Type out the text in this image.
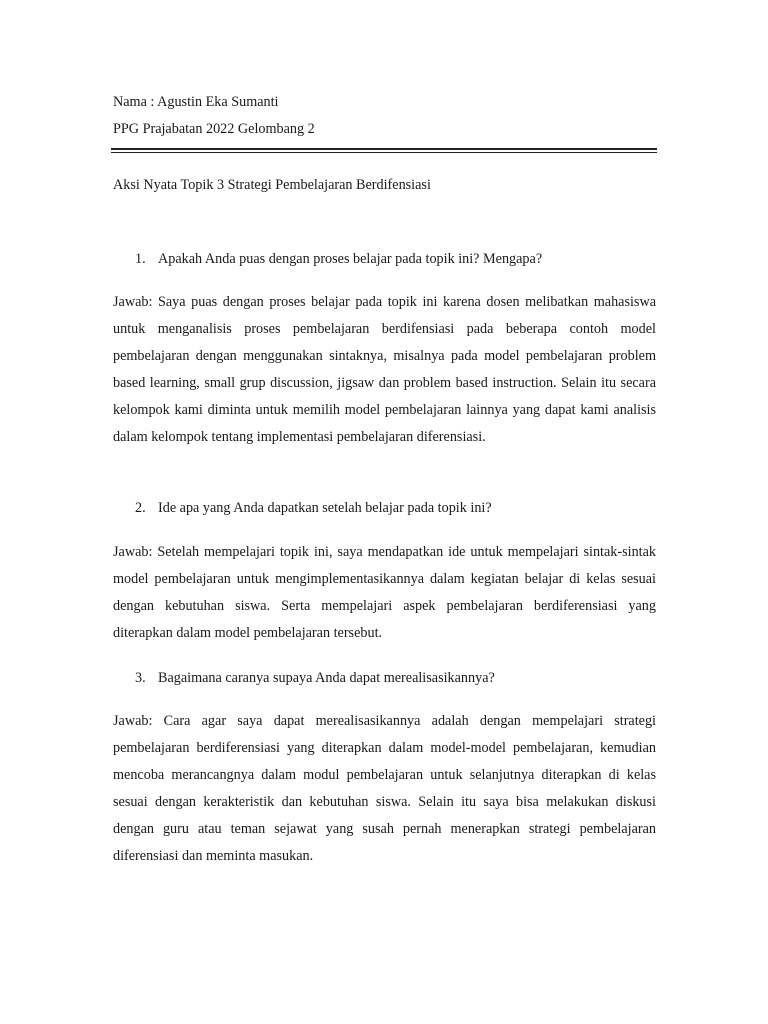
Nama : Agustin Eka Sumanti
PPG Prajabatan 2022 Gelombang 2
Aksi Nyata Topik 3 Strategi Pembelajaran Berdifensiasi
1. Apakah Anda puas dengan proses belajar pada topik ini? Mengapa?

Jawab: Saya puas dengan proses belajar pada topik ini karena dosen melibatkan mahasiswa untuk menganalisis proses pembelajaran berdifensiasi pada beberapa contoh model pembelajaran dengan menggunakan sintaknya, misalnya pada model pembelajaran problem based learning, small grup discussion, jigsaw dan problem based instruction. Selain itu secara kelompok kami diminta untuk memilih model pembelajaran lainnya yang dapat kami analisis dalam kelompok tentang implementasi pembelajaran diferensiasi.

2. Ide apa yang Anda dapatkan setelah belajar pada topik ini?

Jawab: Setelah mempelajari topik ini, saya mendapatkan ide untuk mempelajari sintak-sintak model pembelajaran untuk mengimplementasikannya dalam kegiatan belajar di kelas sesuai dengan kebutuhan siswa. Serta mempelajari aspek pembelajaran berdiferensiasi yang diterapkan dalam model pembelajaran tersebut.

3. Bagaimana caranya supaya Anda dapat merealisasikannya?

Jawab: Cara agar saya dapat merealisasikannya adalah dengan mempelajari strategi pembelajaran berdiferensiasi yang diterapkan dalam model-model pembelajaran, kemudian mencoba merancangnya dalam modul pembelajaran untuk selanjutnya diterapkan di kelas sesuai dengan kerakteristik dan kebutuhan siswa. Selain itu saya bisa melakukan diskusi dengan guru atau teman sejawat yang susah pernah menerapkan strategi pembelajaran diferensiasi dan meminta masukan.
